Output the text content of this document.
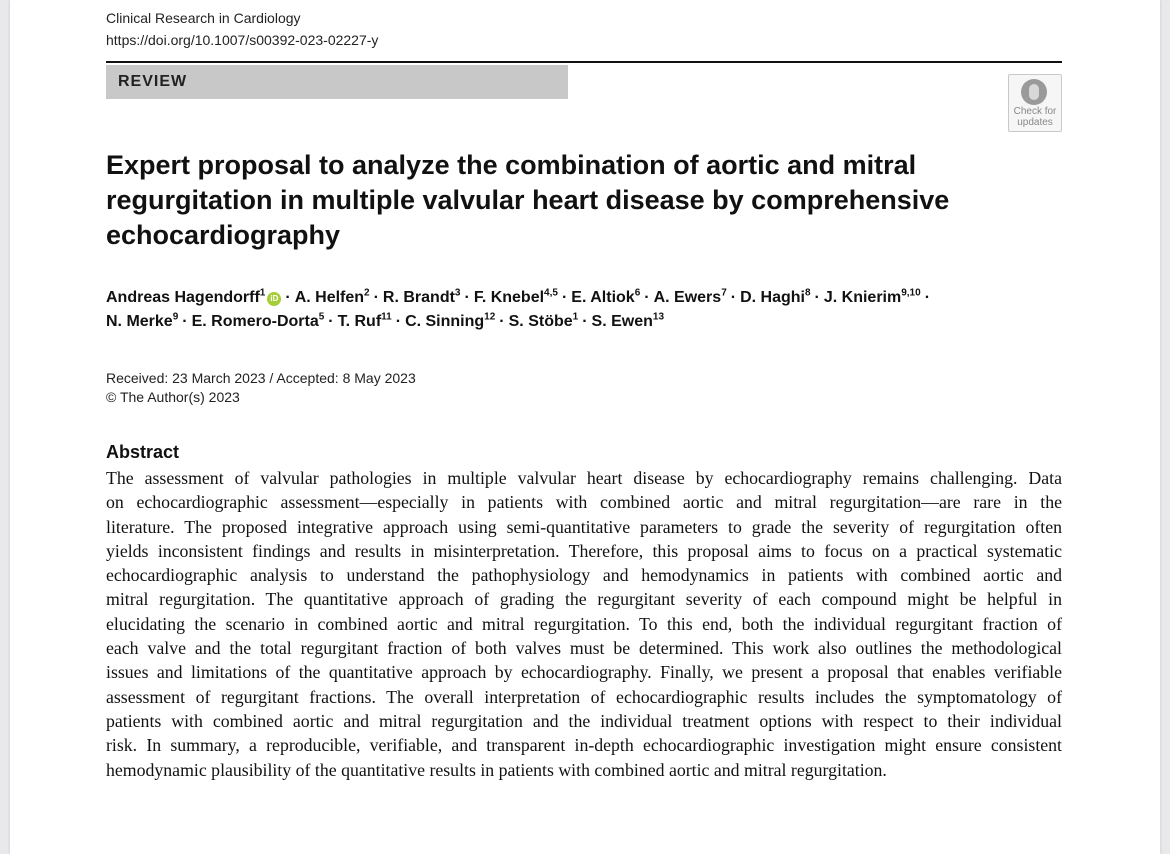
Clinical Research in Cardiology
https://doi.org/10.1007/s00392-023-02227-y
REVIEW
Check for
updates
Expert proposal to analyze the combination of aortic and mitral
regurgitation in multiple valvular heart disease by comprehensive
echocardiography
Andreas Hagendorff$^1$ iD · A. Helfen$^2$ · R. Brandt$^3$ · F. Knebel$^{4,5}$ · E. Altiok$^6$ · A. Ewers$^7$ · D. Haghi$^8$ · J. Knierim$^{9,10}$ ·
N. Merke$^9$ · E. Romero-Dorta$^5$ · T. Ruf$^{11}$ · C. Sinning$^{12}$ · S. Stöbe$^1$ · S. Ewen$^{13}$
Received: 23 March 2023 / Accepted: 8 May 2023
© The Author(s) 2023
Abstract
The assessment of valvular pathologies in multiple valvular heart disease by echocardiography remains challenging. Data
on echocardiographic assessment—especially in patients with combined aortic and mitral regurgitation—are rare in the
literature. The proposed integrative approach using semi-quantitative parameters to grade the severity of regurgitation often
yields inconsistent findings and results in misinterpretation. Therefore, this proposal aims to focus on a practical systematic
echocardiographic analysis to understand the pathophysiology and hemodynamics in patients with combined aortic and
mitral regurgitation. The quantitative approach of grading the regurgitant severity of each compound might be helpful in
elucidating the scenario in combined aortic and mitral regurgitation. To this end, both the individual regurgitant fraction of
each valve and the total regurgitant fraction of both valves must be determined. This work also outlines the methodological
issues and limitations of the quantitative approach by echocardiography. Finally, we present a proposal that enables verifiable
assessment of regurgitant fractions. The overall interpretation of echocardiographic results includes the symptomatology of
patients with combined aortic and mitral regurgitation and the individual treatment options with respect to their individual
risk. In summary, a reproducible, verifiable, and transparent in-depth echocardiographic investigation might ensure consistent
hemodynamic plausibility of the quantitative results in patients with combined aortic and mitral regurgitation.
